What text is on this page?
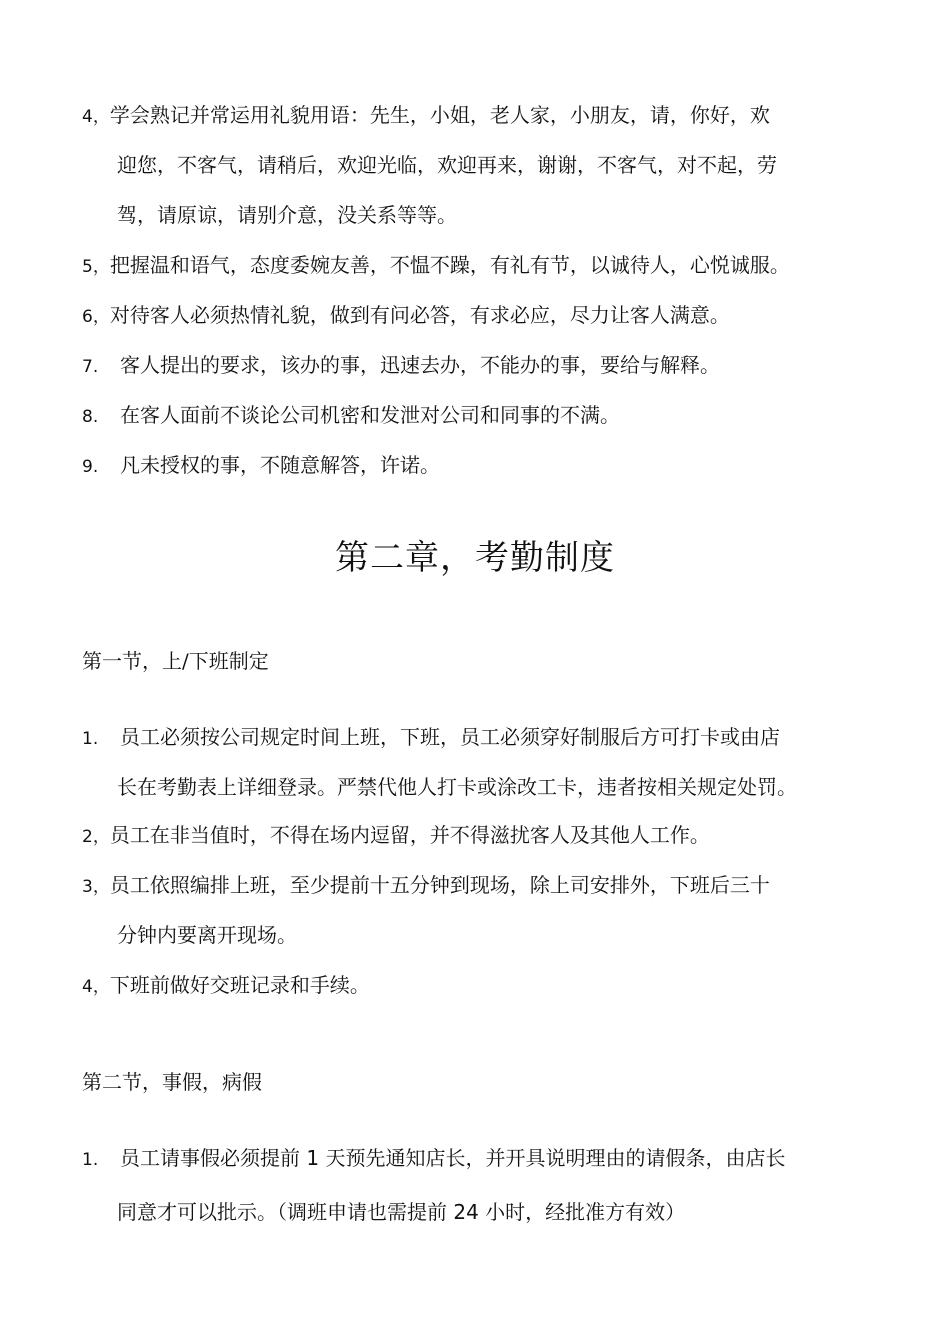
4，学会熟记并常运用礼貌用语：先生，小姐，老人家，小朋友，请，你好，欢
迎您，不客气，请稍后，欢迎光临，欢迎再来，谢谢，不客气，对不起，劳
驾，请原谅，请别介意，没关系等等。
5，把握温和语气，态度委婉友善，不愠不躁，有礼有节，以诚待人，心悦诚服。
6，对待客人必须热情礼貌，做到有问必答，有求必应，尽力让客人满意。
7. 客人提出的要求，该办的事，迅速去办，不能办的事，要给与解释。
8. 在客人面前不谈论公司机密和发泄对公司和同事的不满。
9. 凡未授权的事，不随意解答，许诺。
第二章，考勤制度
第一节，上/下班制定
1. 员工必须按公司规定时间上班，下班，员工必须穿好制服后方可打卡或由店
长在考勤表上详细登录。严禁代他人打卡或涂改工卡，违者按相关规定处罚。
2，员工在非当值时，不得在场内逗留，并不得滋扰客人及其他人工作。
3，员工依照编排上班，至少提前十五分钟到现场，除上司安排外，下班后三十
分钟内要离开现场。
4，下班前做好交班记录和手续。
第二节，事假，病假
1. 员工请事假必须提前 1 天预先通知店长，并开具说明理由的请假条，由店长
同意才可以批示。（调班申请也需提前 24 小时，经批准方有效）
